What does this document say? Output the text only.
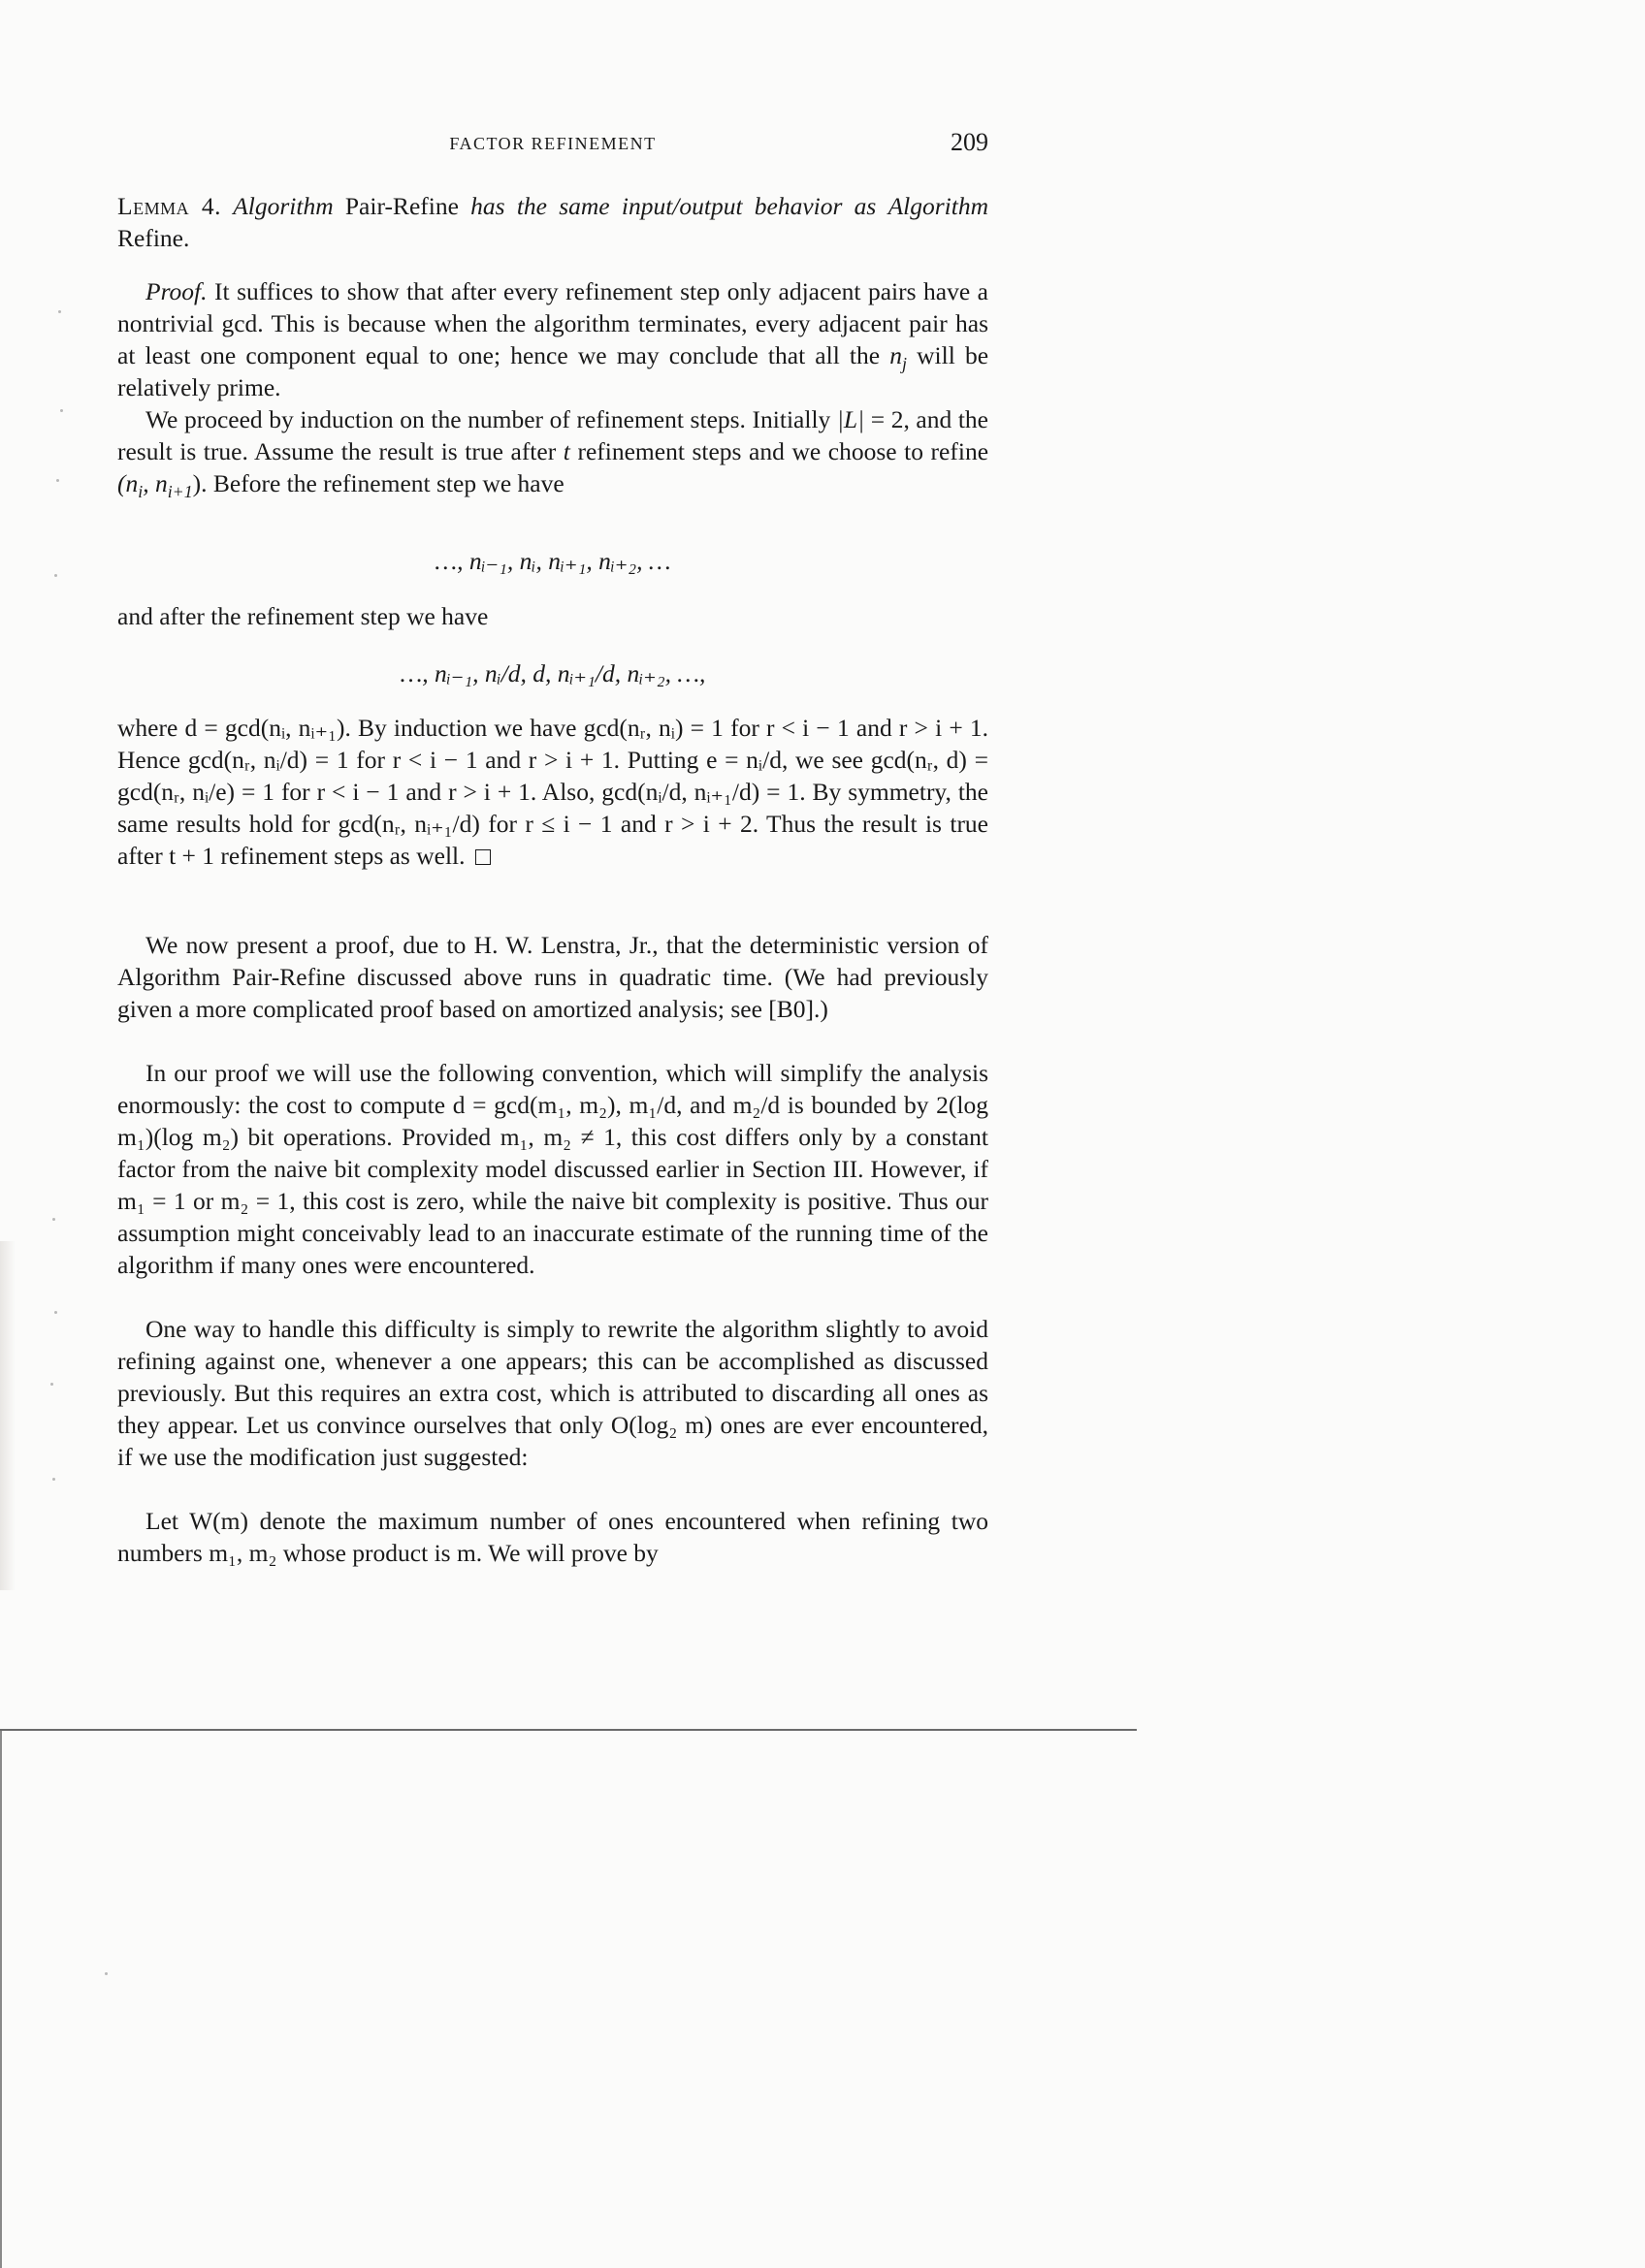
FACTOR REFINEMENT	209

Lemma 4. Algorithm Pair-Refine has the same input/output behavior as Algorithm Refine.

Proof. It suffices to show that after every refinement step only adjacent pairs have a nontrivial gcd. This is because when the algorithm terminates, every adjacent pair has at least one component equal to one; hence we may conclude that all the $n_j$ will be relatively prime.

We proceed by induction on the number of refinement steps. Initially |L| = 2, and the result is true. Assume the result is true after t refinement steps and we choose to refine ($n_i$, $n_{i+1}$). Before the refinement step we have

…, nᵢ₋₁, nᵢ, nᵢ₊₁, nᵢ₊₂, …

and after the refinement step we have

…, nᵢ₋₁, nᵢ/d, d, nᵢ₊₁/d, nᵢ₊₂, …,

where d = gcd(nᵢ, nᵢ₊₁). By induction we have gcd(nᵣ, nᵢ) = 1 for r < i − 1 and r > i + 1. Hence gcd(nᵣ, nᵢ/d) = 1 for r < i − 1 and r > i + 1. Putting e = nᵢ/d, we see gcd(nᵣ, d) = gcd(nᵣ, nᵢ/e) = 1 for r < i − 1 and r > i + 1. Also, gcd(nᵢ/d, nᵢ₊₁/d) = 1. By symmetry, the same results hold for gcd(nᵣ, nᵢ₊₁/d) for r ≤ i − 1 and r > i + 2. Thus the result is true after t + 1 refinement steps as well.

We now present a proof, due to H. W. Lenstra, Jr., that the deterministic version of Algorithm Pair-Refine discussed above runs in quadratic time. (We had previously given a more complicated proof based on amortized analysis; see [B0].)

In our proof we will use the following convention, which will simplify the analysis enormously: the cost to compute d = gcd(m₁, m₂), m₁/d, and m₂/d is bounded by 2(log m₁)(log m₂) bit operations. Provided m₁, m₂ ≠ 1, this cost differs only by a constant factor from the naive bit complexity model discussed earlier in Section III. However, if m₁ = 1 or m₂ = 1, this cost is zero, while the naive bit complexity is positive. Thus our assumption might conceivably lead to an inaccurate estimate of the running time of the algorithm if many ones were encountered.

One way to handle this difficulty is simply to rewrite the algorithm slightly to avoid refining against one, whenever a one appears; this can be accomplished as discussed previously. But this requires an extra cost, which is attributed to discarding all ones as they appear. Let us convince ourselves that only O(log₂ m) ones are ever encountered, if we use the modification just suggested:

Let W(m) denote the maximum number of ones encountered when refining two numbers m₁, m₂ whose product is m. We will prove by
